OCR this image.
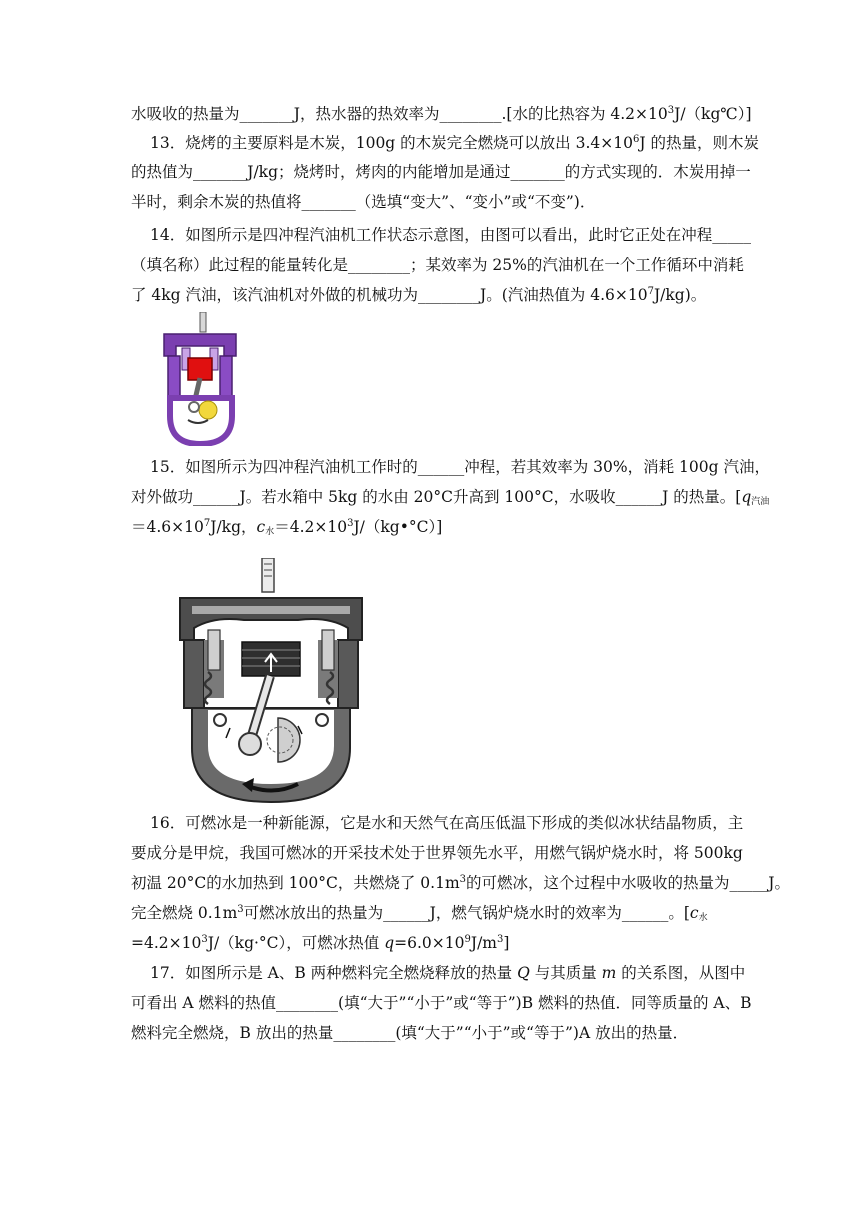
水吸收的热量为_______J，热水器的热效率为________.[水的比热容为 $4.2\times 10^3J/(kg℃)$]
13．烧烤的主要原料是木炭，100g 的木炭完全燃烧可以放出 $3.4\times 10^6J$ 的热量，则木炭
的热值为_______J/kg；烧烤时，烤肉的内能增加是通过_______的方式实现的．木炭用掉一
半时，剩余木炭的热值将_______（选填“变大”、“变小”或“不变”)．
14．如图所示是四冲程汽油机工作状态示意图，由图可以看出，此时它正处在冲程_____
（填名称）此过程的能量转化是________；某效率为 25%的汽油机在一个工作循环中消耗
了 4kg 汽油，该汽油机对外做的机械功为________J。(汽油热值为 $4.6\times 10^7J/kg$)。
15．如图所示为四冲程汽油机工作时的______冲程，若其效率为 30%，消耗 100g 汽油，
对外做功______J。若水箱中 5kg 的水由 20°C升高到 100°C，水吸收______J 的热量。[$q_{汽油}$
$=4.6\times 10^7J/kg$，$c_水=4.2\times 10^3J/(kg•^\circ C)$]
16．可燃冰是一种新能源，它是水和天然气在高压低温下形成的类似冰状结晶物质，主
要成分是甲烷，我国可燃冰的开采技术处于世界领先水平，用燃气锅炉烧水时，将 500kg
初温 20°C的水加热到 100°C，共燃烧了 $0.1m^3$的可燃冰，这个过程中水吸收的热量为_____J。
完全燃烧 $0.1m^3$可燃冰放出的热量为______J，燃气锅炉烧水时的效率为______。[$c_水$
$=4.2\times 10^3J/(kg\cdot^\circ C)$，可燃冰热值 $q=6.0\times 10^9J/m^3$]
17．如图所示是 A、B 两种燃料完全燃烧释放的热量 Q 与其质量 m 的关系图，从图中
可看出 A 燃料的热值________(填“大于”“小于”或“等于”)B 燃料的热值．同等质量的 A、B
燃料完全燃烧，B 放出的热量________(填“大于”“小于”或“等于”)A 放出的热量．
